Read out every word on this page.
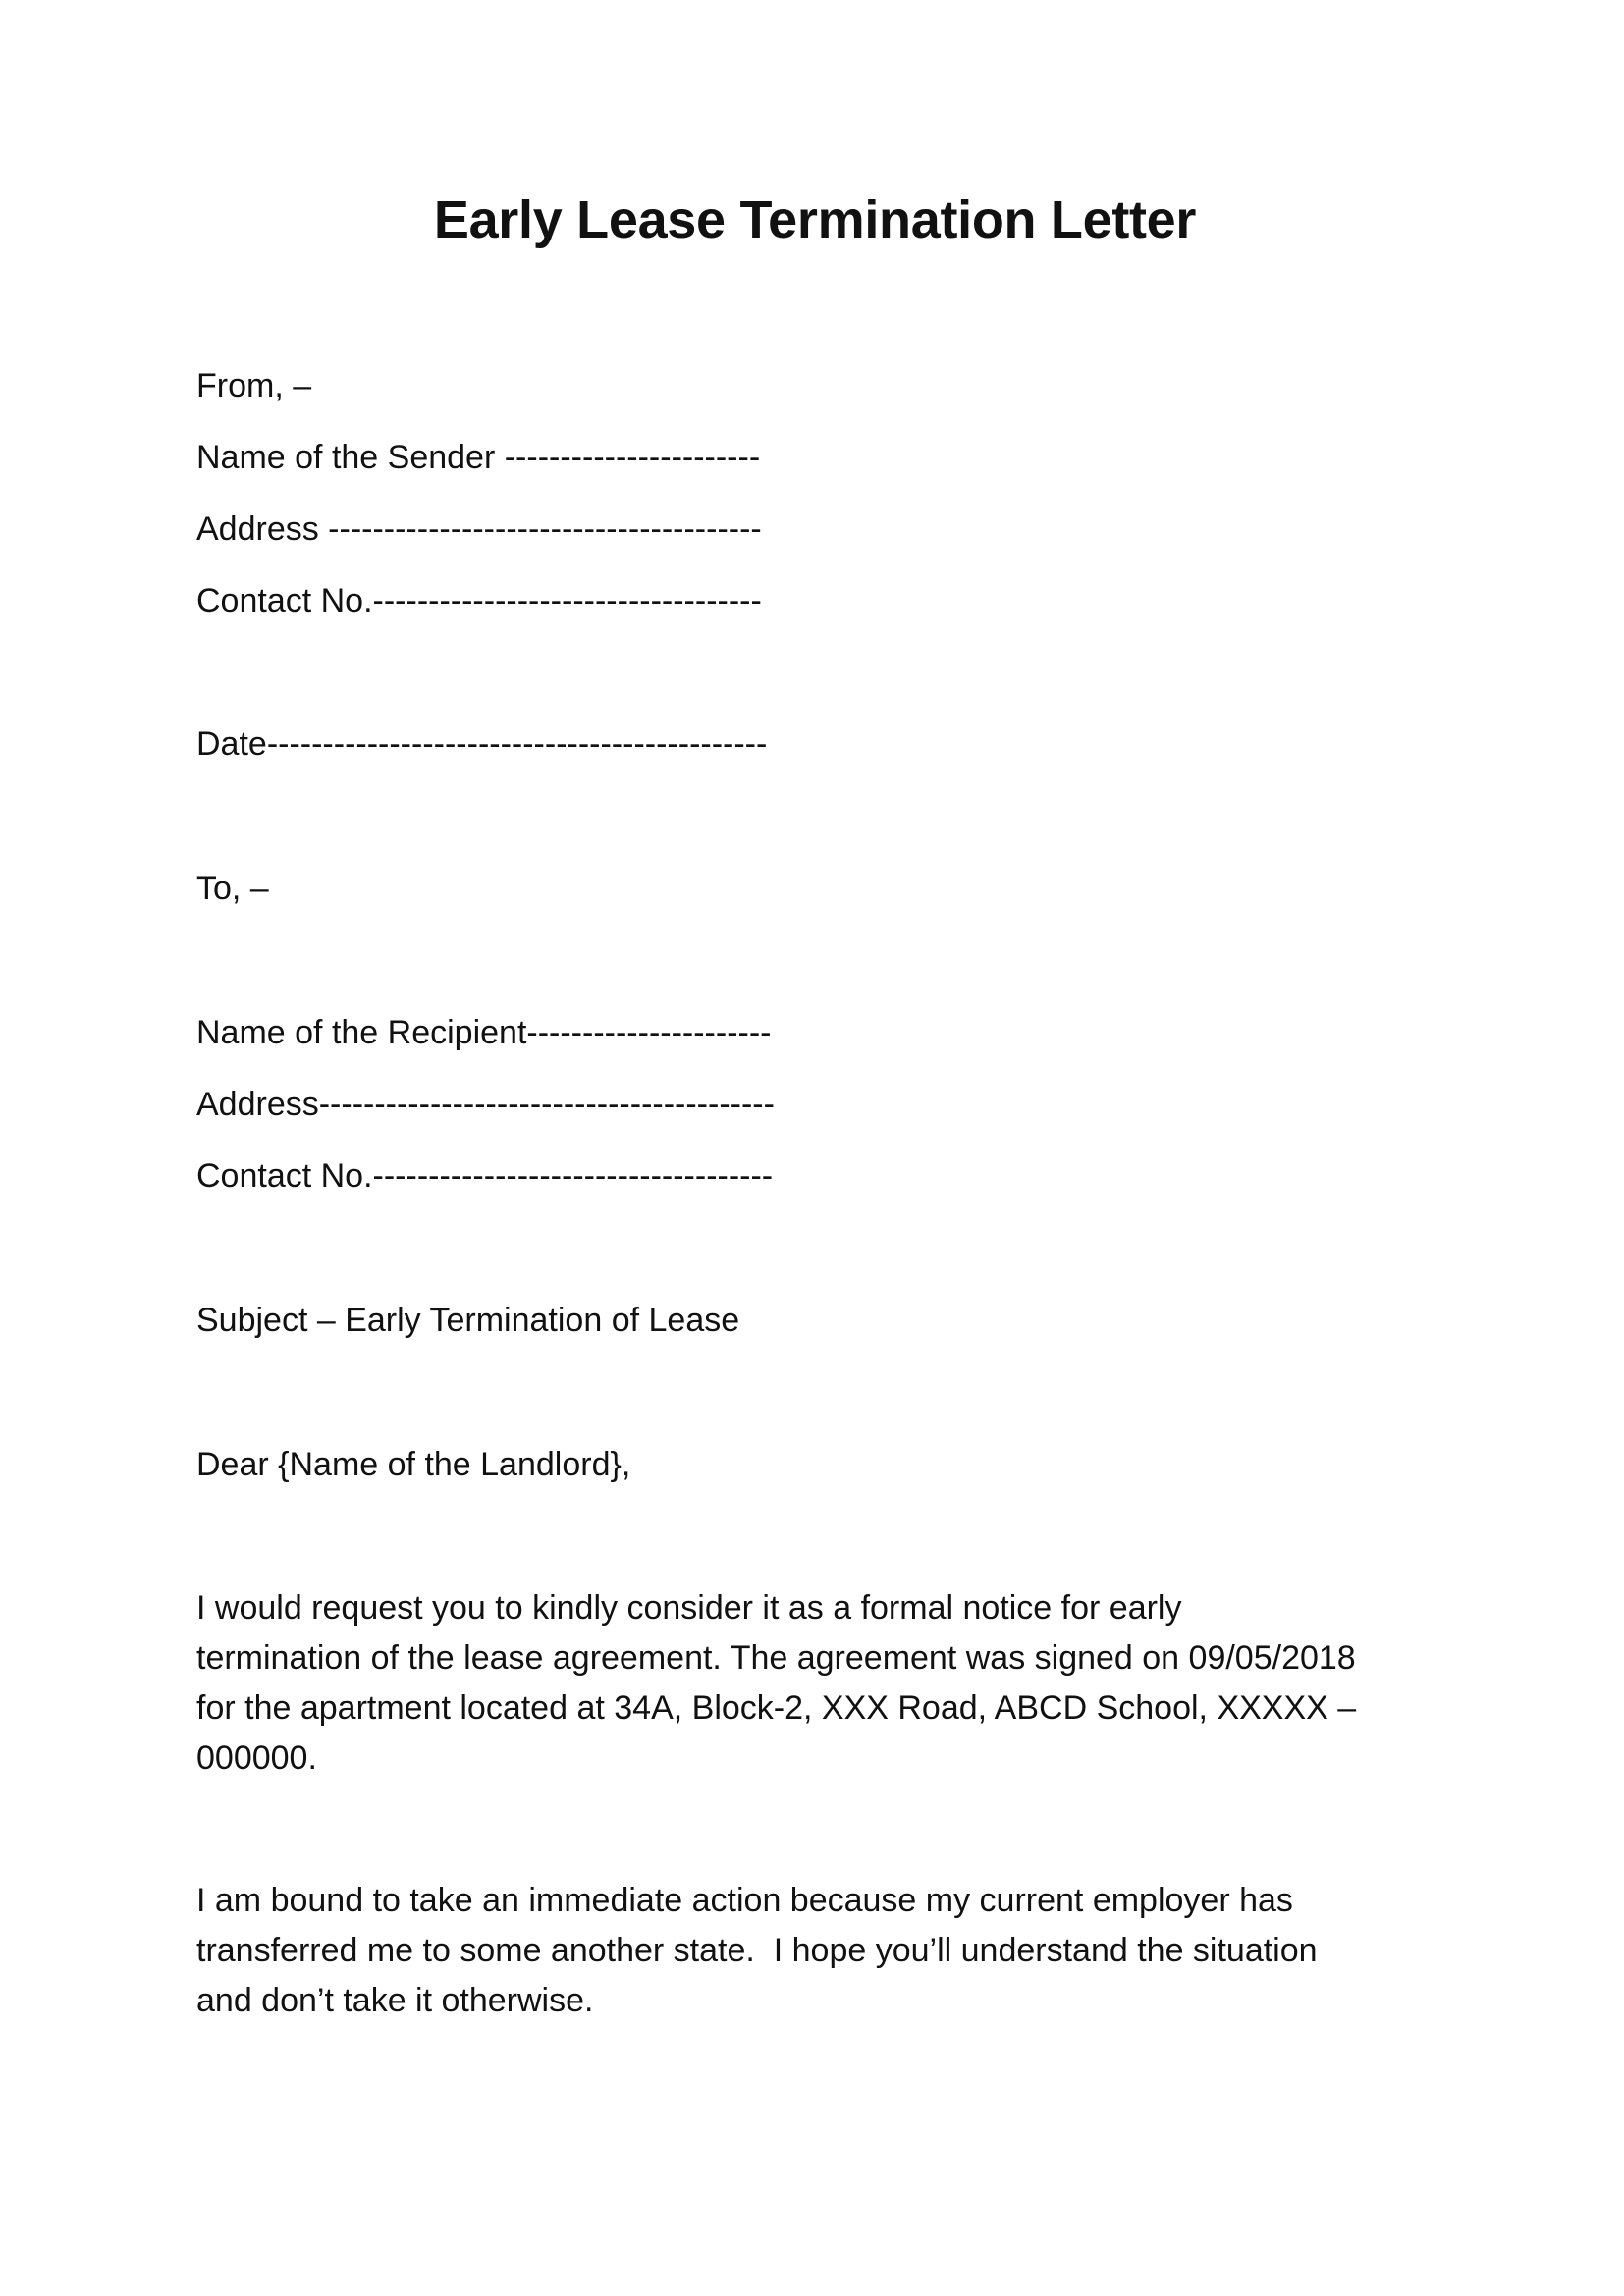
Early Lease Termination Letter
From, –
Name of the Sender -----------------------
Address ---------------------------------------
Contact No.-----------------------------------
Date---------------------------------------------
To, –
Name of the Recipient----------------------
Address-----------------------------------------
Contact No.------------------------------------
Subject – Early Termination of Lease
Dear {Name of the Landlord},
I would request you to kindly consider it as a formal notice for early
termination of the lease agreement. The agreement was signed on 09/05/2018
for the apartment located at 34A, Block-2, XXX Road, ABCD School, XXXXX –
000000.
I am bound to take an immediate action because my current employer has
transferred me to some another state.  I hope you’ll understand the situation
and don’t take it otherwise.
